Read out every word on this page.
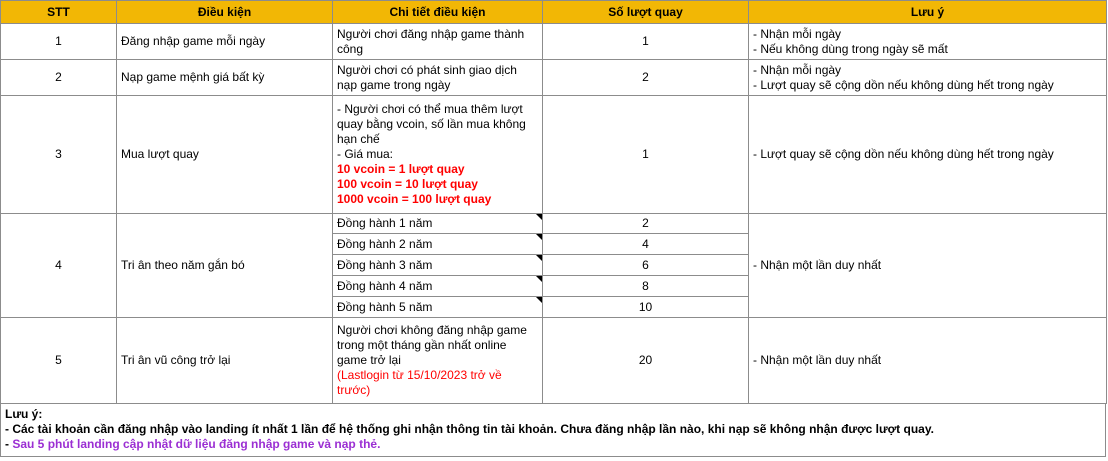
STT	Điều kiện	Chi tiết điều kiện	Số lượt quay	Lưu ý
1	Đăng nhập game mỗi ngày	Người chơi đăng nhập game thành công	1	- Nhận mỗi ngày

- Nếu không dùng trong ngày sẽ mất

2	Nạp game mệnh giá bất kỳ	Người chơi có phát sinh giao dịch nạp game trong ngày	2	- Nhận mỗi ngày

- Lượt quay sẽ cộng dồn nếu không dùng hết trong ngày

3	Mua lượt quay	- Người chơi có thể mua thêm lượt quay bằng vcoin, số lần mua không hạn chế

- Giá mua:

10 vcoin = 1 lượt quay

100 vcoin = 10 lượt quay

1000 vcoin = 100 lượt quay	1	- Lượt quay sẽ cộng dồn nếu không dùng hết trong ngày

4	Tri ân theo năm gắn bó	Đồng hành 1 năm	2	- Nhận một lần duy nhất

		Đồng hành 2 năm	4	
		Đồng hành 3 năm	6	
		Đồng hành 4 năm	8	
		Đồng hành 5 năm	10	
5	Tri ân vũ công trở lại	Người chơi không đăng nhập game trong một tháng gần nhất online game trở lại

(Lastlogin từ 15/10/2023 trở về trước)	20	- Nhận một lần duy nhất

Lưu ý:

- Các tài khoản cần đăng nhập vào landing ít nhất 1 lần để hệ thống ghi nhận thông tin tài khoản. Chưa đăng nhập lần nào, khi nạp sẽ không nhận được lượt quay.

- Sau 5 phút landing cập nhật dữ liệu đăng nhập game và nạp thẻ.
